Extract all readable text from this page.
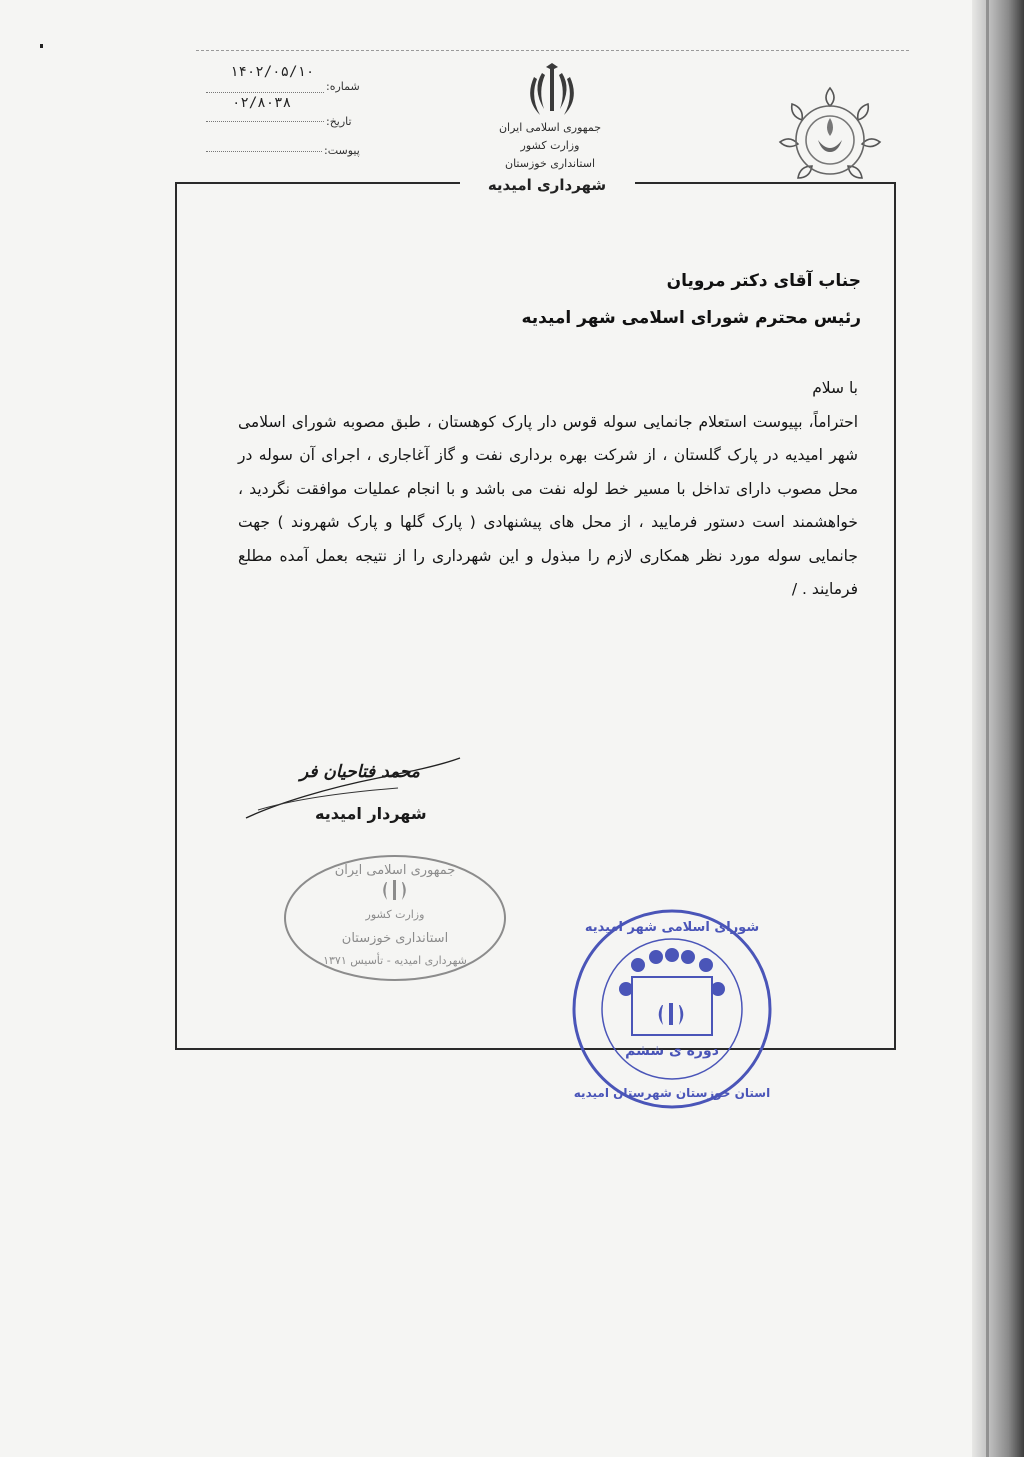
جمهوری اسلامی ایران
وزارت کشور
استانداری خوزستان
شهرداری امیدیه
شماره:
۱۴۰۲/۰۵/۱۰
تاریخ:
۰۲/۸۰۳۸
پیوست:
جناب آقای دکتر مرویان
رئیس محترم شورای اسلامی شهر امیدیه

با سلام

احتراماً، بپیوست استعلام جانمایی سوله قوس دار پارک کوهستان ، طبق مصوبه شورای اسلامی شهر امیدیه در پارک گلستان ، از شرکت بهره برداری نفت و گاز آغاجاری ، اجرای آن سوله در محل مصوب دارای تداخل با مسیر خط لوله نفت می باشد و با انجام عملیات موافقت نگردید ، خواهشمند است دستور فرمایید ، از محل های پیشنهادی ( پارک گلها و پارک شهروند ) جهت جانمایی سوله مورد نظر همکاری لازم را مبذول و این شهرداری را از نتیجه بعمل آمده مطلع فرمایند . /

محمد فتاحیان فر
شهردار امیدیه
جمهوری اسلامی ایران
وزارت کشور
استانداری خوزستان
شهرداری امیدیه - تأسیس ۱۳۷۱
شورای اسلامی شهر امیدیه
دوره ی ششم
استان خوزستان شهرستان امیدیه
